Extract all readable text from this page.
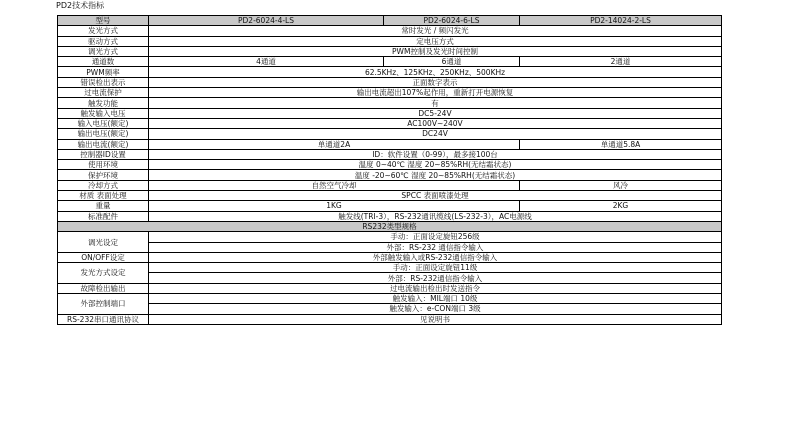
PD2技术指标
型号	PD2-6024-4-LS	PD2-6024-6-LS	PD2-14024-2-LS
发光方式	常时发光 / 频闪发光		
驱动方式	定电压方式		
调光方式	PWM控制及发光时间控制		
通道数	4通道	6通道	2通道
PWM频率	62.5KHz、125KHz、250KHz、500KHz		
错误检出表示	正面数字表示		
过电流保护	输出电流超出107%起作用，重新打开电源恢复		
触发功能	有		
触发输入电压	DC5-24V		
输入电压(额定)	AC100V~240V		
输出电压(额定)	DC24V		
输出电流(额定)	单通道2A		单通道5.8A
控制器ID设置	ID：软件设置（0-99），最多接100台		
使用环境	温度 0~40℃ 湿度 20~85%RH(无结霜状态)		
保护环境	温度 -20~60℃ 湿度 20~85%RH(无结霜状态)		
冷却方式	自然空气冷却		风冷
材质 表面处理	SPCC 表面喷漆处理		
重量	1KG		2KG
标准配件	触发线(TRI-3），RS-232通讯缆线(LS-232-3），AC电源线		
RS232类型规格			
调光设定	手动：正面设定旋钮256级		
	外部：RS-232 通信指令输入		
ON/OFF设定	外部触发输入或RS-232通信指令输入		
发光方式设定	手动：正面设定旋钮11级		
	外部：RS-232通信指令输入		
故障检出输出	过电流输出检出时发送指令		
外部控制端口	触发输入：MIL端口 10级		
	触发输入：e-CON端口 3级		
RS-232串口通讯协议	见说明书		
